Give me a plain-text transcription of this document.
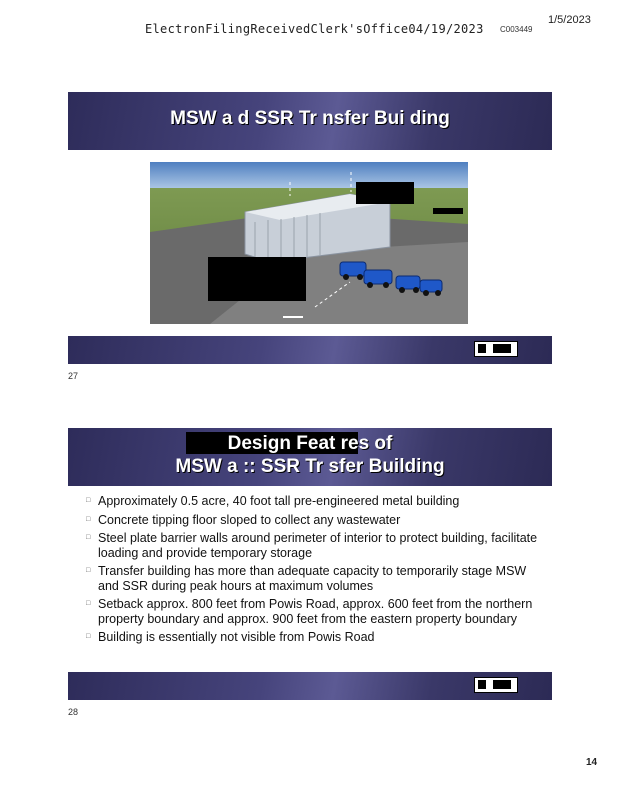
ElectronFilingReceivedClerk'sOffice04/19/2023 C003449
1/5/2023
MSW a d SSR Tr nsfer Bui ding
27
Design Feat res of
MSW a :: SSR Tr sfer Building
□ Approximately 0.5 acre, 40 foot tall pre-engineered metal building
□ Concrete tipping floor sloped to collect any wastewater
□ Steel plate barrier walls around perimeter of interior to protect building, facilitate loading and provide temporary storage
□ Transfer building has more than adequate capacity to temporarily stage MSW and SSR during peak hours at maximum volumes
□ Setback approx. 800 feet from Powis Road, approx. 600 feet from the northern property boundary and approx. 900 feet from the eastern property boundary
□ Building is essentially not visible from Powis Road
28
14
